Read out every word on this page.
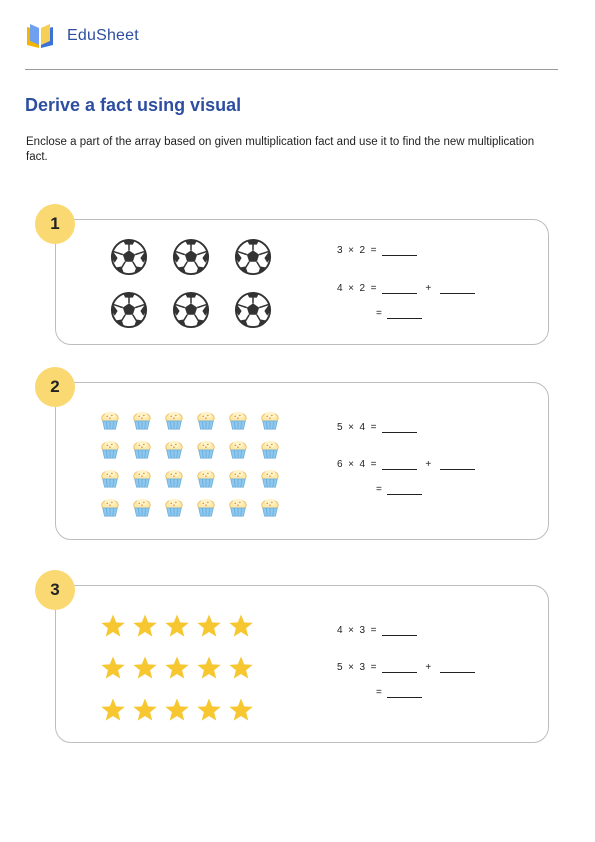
EduSheet
Derive a fact using visual
Enclose a part of the array based on given multiplication fact and use it to find the new multiplication fact.
1
3 × 2 =
4 × 2 =	+
=
2
5 × 4 =
6 × 4 =	+
=
3
4 × 3 =
5 × 3 =	+
=
